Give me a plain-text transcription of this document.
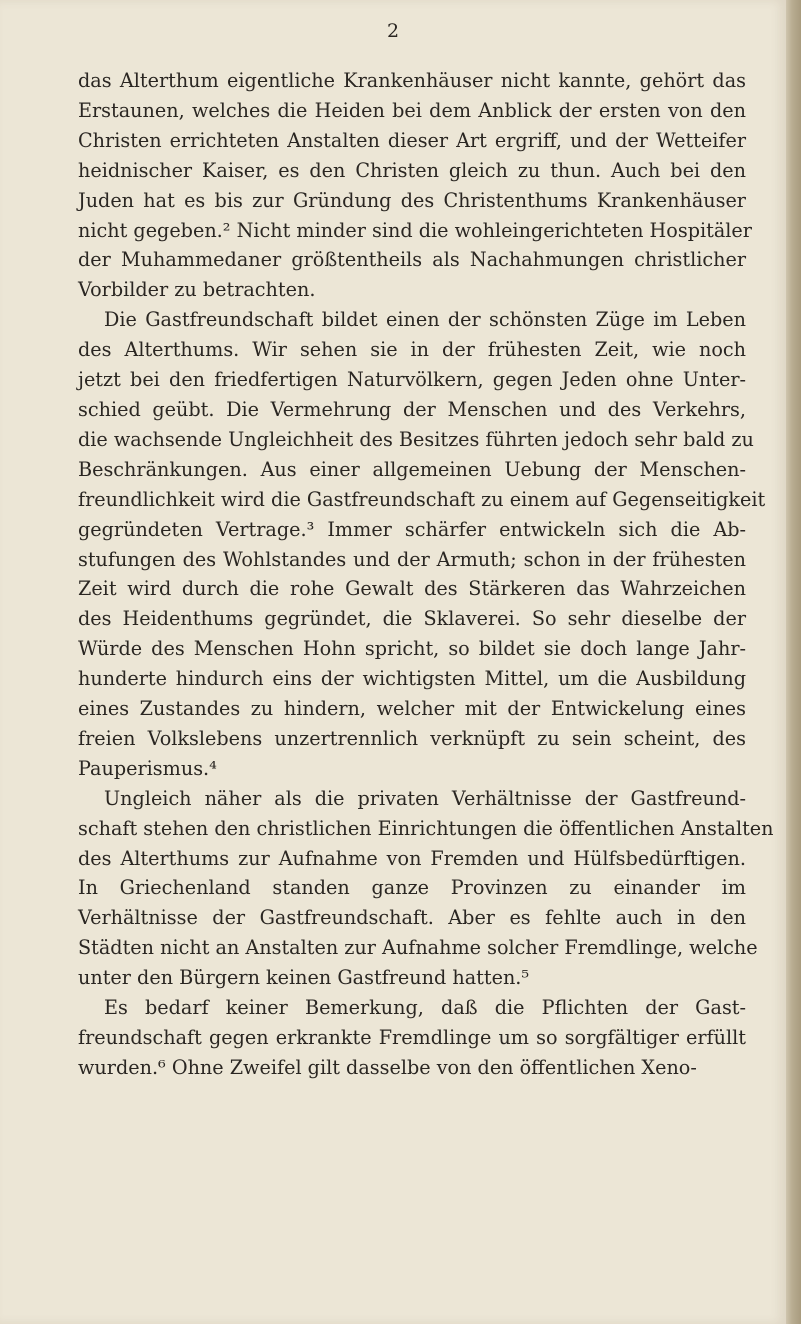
2

das Alterthum eigentliche Krankenhäuser nicht kannte, gehört das
Erstaunen, welches die Heiden bei dem Anblick der ersten von den
Christen errichteten Anstalten dieser Art ergriff, und der Wetteifer
heidnischer Kaiser, es den Christen gleich zu thun. Auch bei den
Juden hat es bis zur Gründung des Christenthums Krankenhäuser
nicht gegeben.² Nicht minder sind die wohleingerichteten Hospitäler
der Muhammedaner größtentheils als Nachahmungen christlicher
Vorbilder zu betrachten.

Die Gastfreundschaft bildet einen der schönsten Züge im Leben
des Alterthums. Wir sehen sie in der frühesten Zeit, wie noch
jetzt bei den friedfertigen Naturvölkern, gegen Jeden ohne Unter-
schied geübt. Die Vermehrung der Menschen und des Verkehrs,
die wachsende Ungleichheit des Besitzes führten jedoch sehr bald zu
Beschränkungen. Aus einer allgemeinen Uebung der Menschen-
freundlichkeit wird die Gastfreundschaft zu einem auf Gegenseitigkeit
gegründeten Vertrage.³ Immer schärfer entwickeln sich die Ab-
stufungen des Wohlstandes und der Armuth; schon in der frühesten
Zeit wird durch die rohe Gewalt des Stärkeren das Wahrzeichen
des Heidenthums gegründet, die Sklaverei. So sehr dieselbe der
Würde des Menschen Hohn spricht, so bildet sie doch lange Jahr-
hunderte hindurch eins der wichtigsten Mittel, um die Ausbildung
eines Zustandes zu hindern, welcher mit der Entwickelung eines
freien Volkslebens unzertrennlich verknüpft zu sein scheint, des
Pauperismus.⁴

Ungleich näher als die privaten Verhältnisse der Gastfreund-
schaft stehen den christlichen Einrichtungen die öffentlichen Anstalten
des Alterthums zur Aufnahme von Fremden und Hülfsbedürftigen.
In Griechenland standen ganze Provinzen zu einander im
Verhältnisse der Gastfreundschaft. Aber es fehlte auch in den
Städten nicht an Anstalten zur Aufnahme solcher Fremdlinge, welche
unter den Bürgern keinen Gastfreund hatten.⁵

Es bedarf keiner Bemerkung, daß die Pflichten der Gast-
freundschaft gegen erkrankte Fremdlinge um so sorgfältiger erfüllt
wurden.⁶ Ohne Zweifel gilt dasselbe von den öffentlichen Xeno-
